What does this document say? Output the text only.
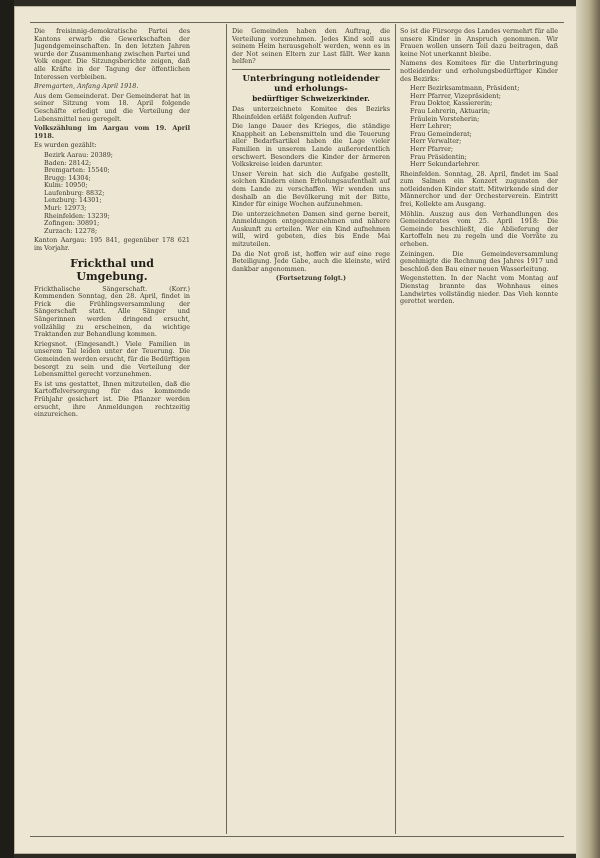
Die freisinnig-demokratische Partei des Kantons erwarb die Gewerkschaften der Jugendgemeinschaften. In den letzten Jahren wurde der Zusammenhang zwischen Partei und Volk enger. Die Sitzungsberichte zeigen, daß alle Kräfte in der Tagung der öffentlichen Interessen verbleiben.

Bremgarten, Anfang April 1918.

Aus dem Gemeinderat. Der Gemeinderat hat in seiner Sitzung vom 18. April folgende Geschäfte erledigt und die Verteilung der Lebensmittel neu geregelt.

Volkszählung im Aargau vom 19. April 1918.

Es wurden gezählt:

Bezirk Aarau: 20389;
Baden: 28142;
Bremgarten: 15540;
Brugg: 14304;
Kulm: 10950;
Laufenburg: 8832;
Lenzburg: 14301;
Muri: 12973;
Rheinfelden: 13239;
Zofingen: 30891;
Zurzach: 12278;

Kanton Aargau: 195 841, gegenüber 178 621 im Vorjahr.

Frickthal und Umgebung.

Frickthalische Sängerschaft. (Korr.) Kommenden Sonntag, den 28. April, findet in Frick die Frühlingsversammlung der Sängerschaft statt. Alle Sänger und Sängerinnen werden dringend ersucht, vollzählig zu erscheinen, da wichtige Traktanden zur Behandlung kommen.

Kriegsnot. (Eingesandt.) Viele Familien in unserem Tal leiden unter der Teuerung. Die Gemeinden werden ersucht, für die Bedürftigen besorgt zu sein und die Verteilung der Lebensmittel gerecht vorzunehmen.

Es ist uns gestattet, Ihnen mitzuteilen, daß die Kartoffelversorgung für das kommende Frühjahr gesichert ist. Die Pflanzer werden ersucht, ihre Anmeldungen rechtzeitig einzureichen.

Die Gemeinden haben den Auftrag, die Verteilung vorzunehmen. Jedes Kind soll aus seinem Heim herausgeholt werden, wenn es in der Not seinen Eltern zur Last fällt. Wer kann helfen?

Unterbringung notleidender und erholungs-
bedürftiger Schweizerkinder.

Das unterzeichnete Komitee des Bezirks Rheinfelden erläßt folgenden Aufruf:

Die lange Dauer des Krieges, die ständige Knappheit an Lebensmitteln und die Teuerung aller Bedarfsartikel haben die Lage vieler Familien in unserem Lande außerordentlich erschwert. Besonders die Kinder der ärmeren Volkskreise leiden darunter.

Unser Verein hat sich die Aufgabe gestellt, solchen Kindern einen Erholungsaufenthalt auf dem Lande zu verschaffen. Wir wenden uns deshalb an die Bevölkerung mit der Bitte, Kinder für einige Wochen aufzunehmen.

Die unterzeichneten Damen sind gerne bereit, Anmeldungen entgegenzunehmen und nähere Auskunft zu erteilen. Wer ein Kind aufnehmen will, wird gebeten, dies bis Ende Mai mitzuteilen.

Da die Not groß ist, hoffen wir auf eine rege Beteiligung. Jede Gabe, auch die kleinste, wird dankbar angenommen.

(Fortsetzung folgt.)

So ist die Fürsorge des Landes vermehrt für alle unsere Kinder in Anspruch genommen. Wir Frauen wollen unsern Teil dazu beitragen, daß keine Not unerkannt bleibe.

Namens des Komitees für die Unterbringung notleidender und erholungsbedürftiger Kinder des Bezirks:

Herr Bezirksamtmann, Präsident;
Herr Pfarrer, Vizepräsident;
Frau Doktor, Kassiererin;
Frau Lehrerin, Aktuarin;
Fräulein Vorsteherin;
Herr Lehrer;
Frau Gemeinderat;
Herr Verwalter;
Herr Pfarrer;
Frau Präsidentin;
Herr Sekundarlehrer.

Rheinfelden. Sonntag, 28. April, findet im Saal zum Salmen ein Konzert zugunsten der notleidenden Kinder statt. Mitwirkende sind der Männerchor und der Orchesterverein. Eintritt frei, Kollekte am Ausgang.

Möhlin. Auszug aus den Verhandlungen des Gemeinderates vom 25. April 1918: Die Gemeinde beschließt, die Ablieferung der Kartoffeln neu zu regeln und die Vorräte zu erheben.

Zeiningen. Die Gemeindeversammlung genehmigte die Rechnung des Jahres 1917 und beschloß den Bau einer neuen Wasserleitung.

Wegenstetten. In der Nacht vom Montag auf Dienstag brannte das Wohnhaus eines Landwirtes vollständig nieder. Das Vieh konnte gerettet werden.
